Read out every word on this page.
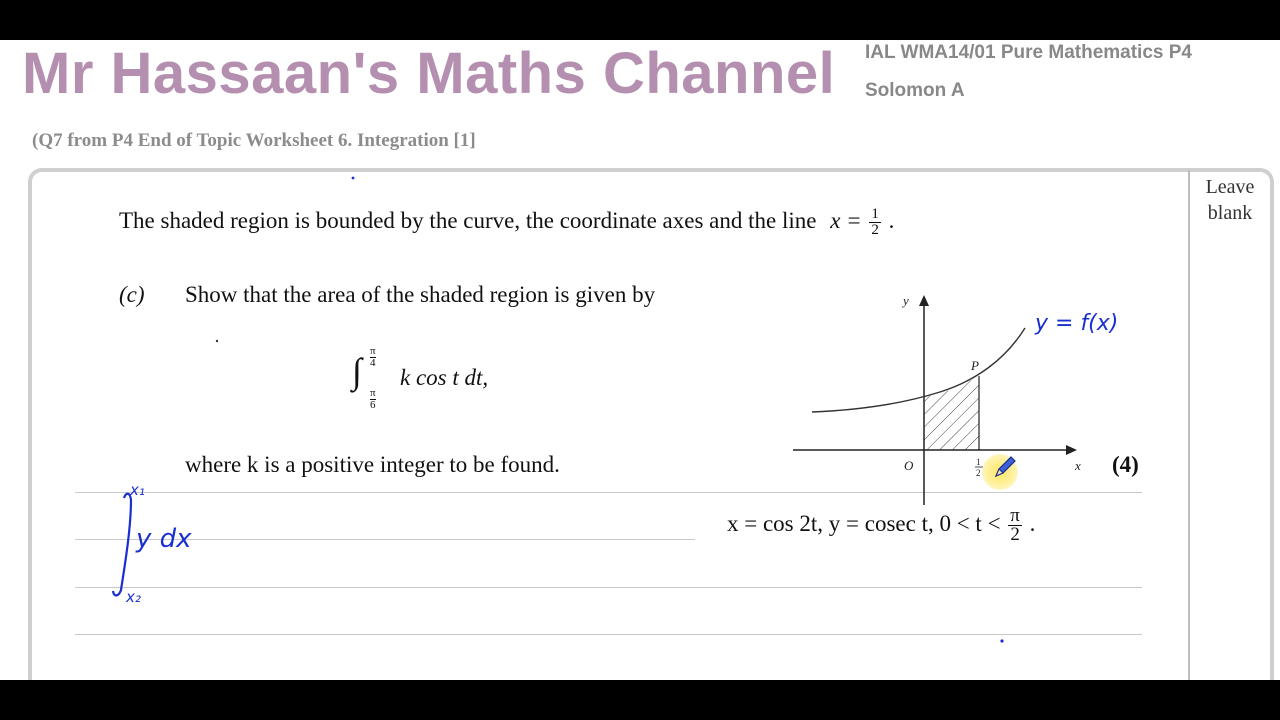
Mr Hassaan's Maths Channel IAL WMA14/01 Pure Mathematics P4
Solomon A
(Q7 from P4 End of Topic Worksheet 6. Integration [1]
Leave
blank
The shaded region is bounded by the curve, the coordinate axes and the line $x = \frac{1}{2}$ .
(c) Show that the area of the shaded region is given by
∫ π
4
π
6
k cos t dt,
where k is a positive integer to be found.	(4)
x = cos 2t, y = cosec t, $0 < t < \frac{\pi}{2}$ .
y
x
O
P
1
2
y = f(x)
x₁
y dx
x₂
